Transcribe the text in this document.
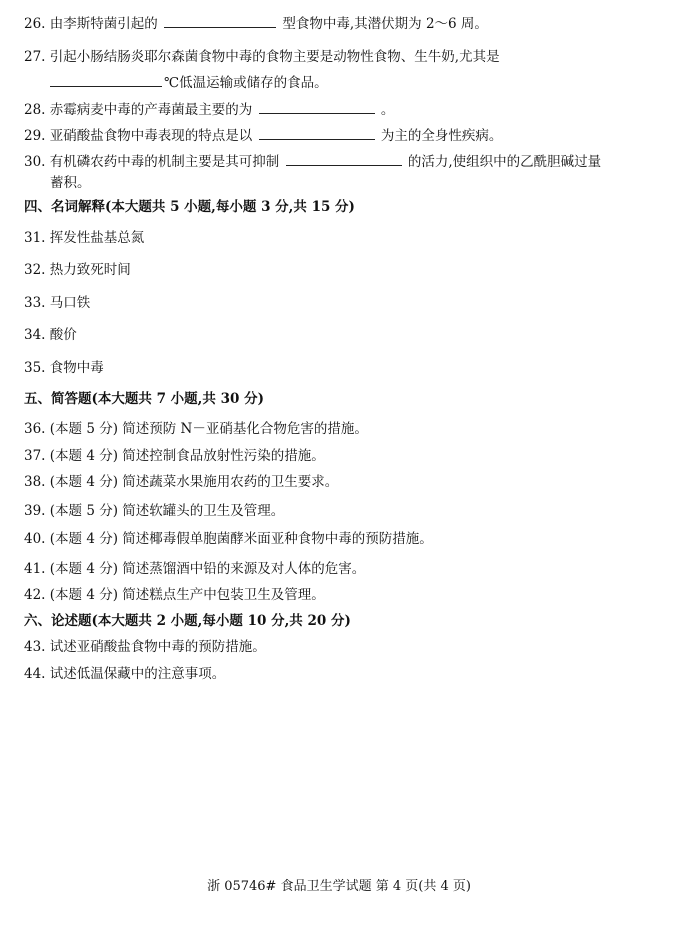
26. 由李斯特菌引起的	型食物中毒,其潜伏期为 2～6 周。
27. 引起小肠结肠炎耶尔森菌食物中毒的食物主要是动物性食物、生牛奶,尤其是
℃低温运输或储存的食品。
28. 赤霉病麦中毒的产毒菌最主要的为	。
29. 亚硝酸盐食物中毒表现的特点是以	为主的全身性疾病。
30. 有机磷农药中毒的机制主要是其可抑制	的活力,使组织中的乙酰胆碱过量
蓄积。
四、名词解释(本大题共 5 小题,每小题 3 分,共 15 分)
31. 挥发性盐基总氮
32. 热力致死时间
33. 马口铁
34. 酸价
35. 食物中毒
五、简答题(本大题共 7 小题,共 30 分)
36. (本题 5 分) 简述预防 N－亚硝基化合物危害的措施。
37. (本题 4 分) 简述控制食品放射性污染的措施。
38. (本题 4 分) 简述蔬菜水果施用农药的卫生要求。
39. (本题 5 分) 简述软罐头的卫生及管理。
40. (本题 4 分) 简述椰毒假单胞菌酵米面亚种食物中毒的预防措施。
41. (本题 4 分) 简述蒸馏酒中铅的来源及对人体的危害。
42. (本题 4 分) 简述糕点生产中包装卫生及管理。
六、论述题(本大题共 2 小题,每小题 10 分,共 20 分)
43. 试述亚硝酸盐食物中毒的预防措施。
44. 试述低温保藏中的注意事项。
浙 05746# 食品卫生学试题 第 4 页(共 4 页)
